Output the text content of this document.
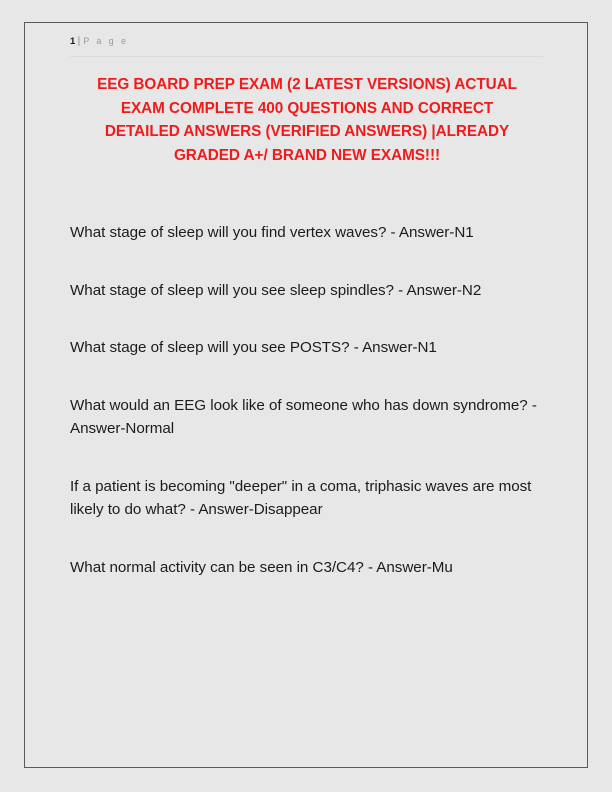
1 | P a g e
EEG BOARD PREP EXAM (2 LATEST VERSIONS) ACTUAL EXAM COMPLETE 400 QUESTIONS AND CORRECT DETAILED ANSWERS (VERIFIED ANSWERS) |ALREADY GRADED A+/ BRAND NEW EXAMS!!!

What stage of sleep will you find vertex waves? - Answer-N1

What stage of sleep will you see sleep spindles? - Answer-N2

What stage of sleep will you see POSTS? - Answer-N1

What would an EEG look like of someone who has down syndrome? - Answer-Normal

If a patient is becoming "deeper" in a coma, triphasic waves are most likely to do what? - Answer-Disappear

What normal activity can be seen in C3/C4? - Answer-Mu
